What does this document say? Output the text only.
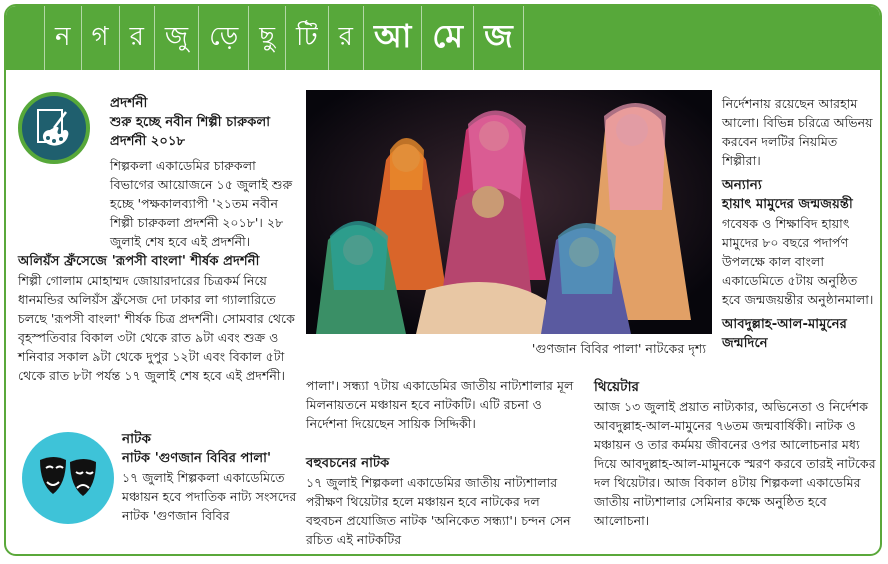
ন গ র জু ড়ে ছু টি র আ মে জ
প্রদর্শনী
শুরু হচ্ছে নবীন শিল্পী চারুকলা প্রদর্শনী ২০১৮
শিল্পকলা একাডেমির চারুকলা বিভাগের আয়োজনে ১৫ জুলাই শুরু হচ্ছে 'পক্ষকালব্যাপী '২১তম নবীন শিল্পী চারুকলা প্রদর্শনী ২০১৮'। ২৮ জুলাই শেষ হবে এই প্রদর্শনী।
অলিয়ঁস ফ্রঁসেজে 'রূপসী বাংলা' শীর্ষক প্রদর্শনী
শিল্পী গোলাম মোহাম্মদ জোয়ারদারের চিত্রকর্ম নিয়ে ধানমন্ডির অলিয়ঁস ফ্রঁসেজ দো ঢাকার লা গ্যালারিতে চলছে 'রূপসী বাংলা' শীর্ষক চিত্র প্রদর্শনী। সোমবার থেকে বৃহস্পতিবার বিকাল ৩টা থেকে রাত ৯টা এবং শুক্র ও শনিবার সকাল ৯টা থেকে দুপুর ১২টা এবং বিকাল ৫টা থেকে রাত ৮টা পর্যন্ত ১৭ জুলাই শেষ হবে এই প্রদর্শনী।
নাটক
নাটক 'গুণজান বিবির পালা'
১৭ জুলাই শিল্পকলা একাডেমিতে মঞ্চায়ন হবে পদাতিক নাট্য সংসদের নাটক 'গুণজান বিবির
'গুণজান বিবির পালা' নাটকের দৃশ্য
পালা'। সন্ধ্যা ৭টায় একাডেমির জাতীয় নাট্যশালার মূল মিলনায়তনে মঞ্চায়ন হবে নাটকটি। এটি রচনা ও নির্দেশনা দিয়েছেন সায়িক সিদ্দিকী।
বহুবচনের নাটক
১৭ জুলাই শিল্পকলা একাডেমির জাতীয় নাট্যশালার পরীক্ষণ থিয়েটার হলে মঞ্চায়ন হবে নাটকের দল বহুবচন প্রযোজিত নাটক 'অনিকেত সন্ধ্যা'। চন্দন সেন রচিত এই নাটকটির
নির্দেশনায় রয়েছেন আরহাম আলো। বিভিন্ন চরিত্রে অভিনয় করবেন দলটির নিয়মিত শিল্পীরা।
অন্যান্য
হায়াৎ মামুদের জন্মজয়ন্তী
গবেষক ও শিক্ষাবিদ হায়াৎ মামুদের ৮০ বছরে পদার্পণ উপলক্ষে কাল বাংলা একাডেমিতে ৫টায় অনুষ্ঠিত হবে জন্মজয়ন্তীর অনুষ্ঠানমালা।
আবদুল্লাহ-আল-মামুনের জন্মদিনে
থিয়েটার
আজ ১৩ জুলাই প্রয়াত নাট্যকার, অভিনেতা ও নির্দেশক আবদুল্লাহ-আল-মামুনের ৭৬তম জন্মবার্ষিকী। নাটক ও মঞ্চায়ন ও তার কর্মময় জীবনের ওপর আলোচনার মধ্য দিয়ে আবদুল্লাহ-আল-মামুনকে স্মরণ করবে তারই নাটকের দল থিয়েটার। আজ বিকাল ৪টায় শিল্পকলা একাডেমির জাতীয় নাট্যশালার সেমিনার কক্ষে অনুষ্ঠিত হবে আলোচনা।
